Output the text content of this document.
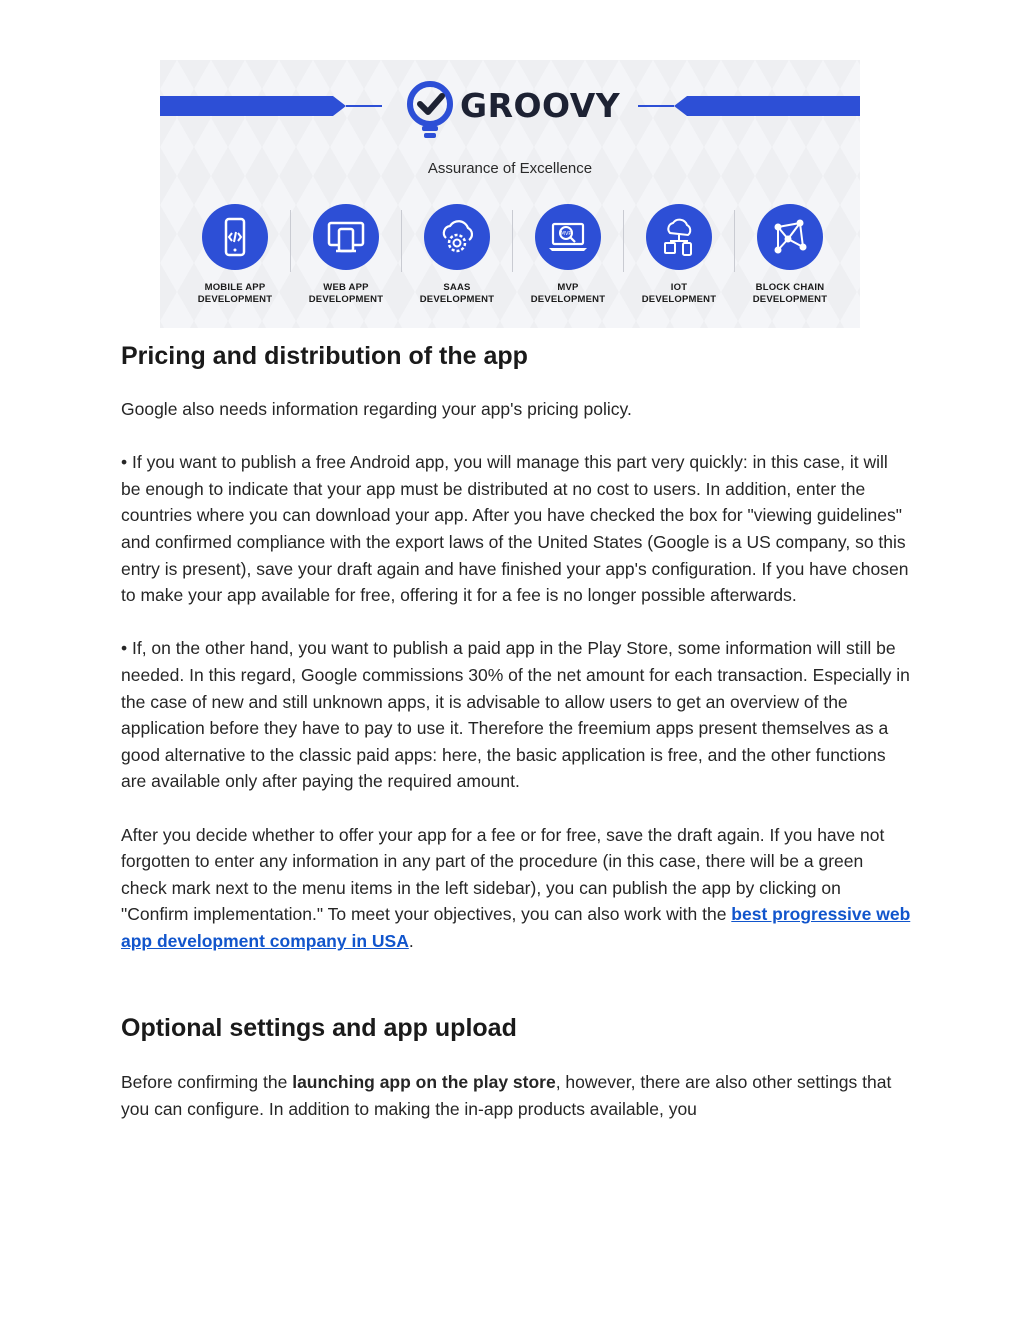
GROOVY
Assurance of Excellence
MOBILE APP
DEVELOPMENT
WEB APP
DEVELOPMENT
SAAS
DEVELOPMENT
MVP
MVP
DEVELOPMENT
IOT
DEVELOPMENT
BLOCK CHAIN
DEVELOPMENT
Pricing and distribution of the app

Google also needs information regarding your app's pricing policy.

• If you want to publish a free Android app, you will manage this part very quickly: in this case, it will be enough to indicate that your app must be distributed at no cost to users. In addition, enter the countries where you can download your app. After you have checked the box for "viewing guidelines" and confirmed compliance with the export laws of the United States (Google is a US company, so this entry is present), save your draft again and have finished your app's configuration. If you have chosen to make your app available for free, offering it for a fee is no longer possible afterwards.

• If, on the other hand, you want to publish a paid app in the Play Store, some information will still be needed. In this regard, Google commissions 30% of the net amount for each transaction. Especially in the case of new and still unknown apps, it is advisable to allow users to get an overview of the application before they have to pay to use it. Therefore the freemium apps present themselves as a good alternative to the classic paid apps: here, the basic application is free, and the other functions are available only after paying the required amount.

After you decide whether to offer your app for a fee or for free, save the draft again. If you have not forgotten to enter any information in any part of the procedure (in this case, there will be a green check mark next to the menu items in the left sidebar), you can publish the app by clicking on "Confirm implementation." To meet your objectives, you can also work with the best progressive web app development company in USA.

Optional settings and app upload

Before confirming the launching app on the play store, however, there are also other settings that you can configure. In addition to making the in-app products available, you
